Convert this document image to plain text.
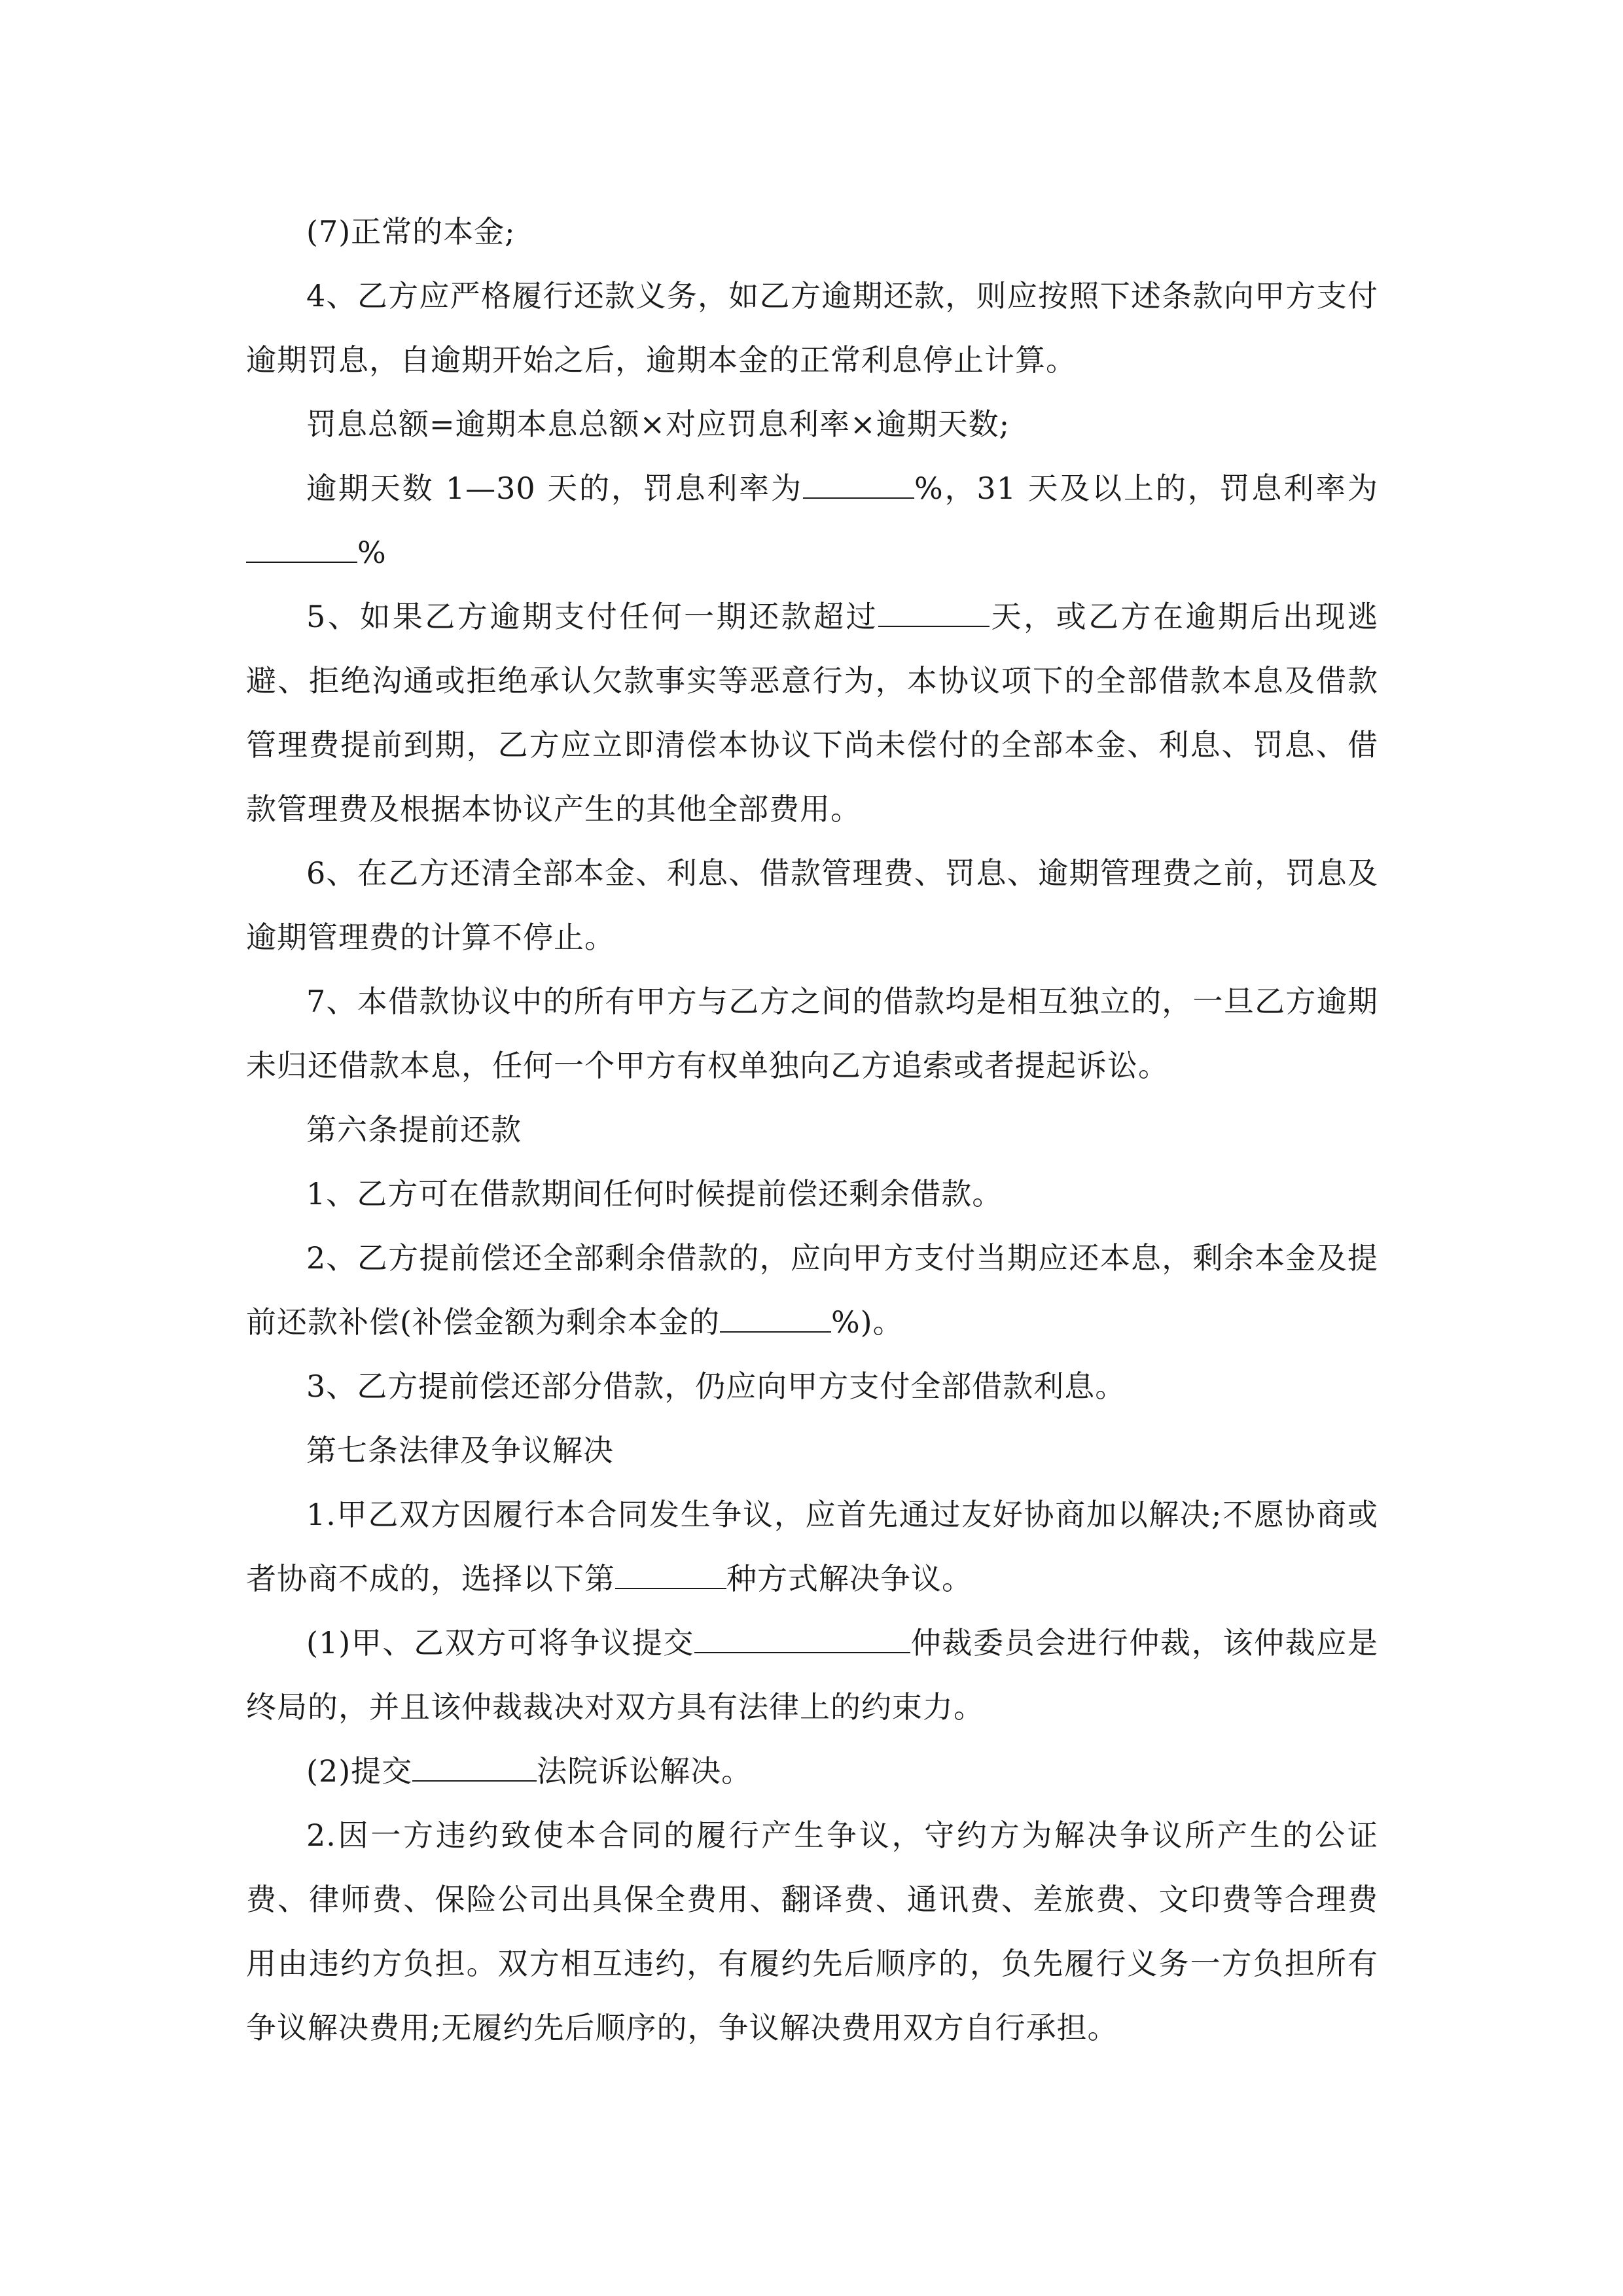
(7)正常的本金;

4、乙方应严格履行还款义务，如乙方逾期还款，则应按照下述条款向甲方支付逾期罚息，自逾期开始之后，逾期本金的正常利息停止计算。

罚息总额=逾期本息总额×对应罚息利率×逾期天数;

逾期天数 1—30 天的，罚息利率为	%，31 天及以上的，罚息利率为%

5、如果乙方逾期支付任何一期还款超过	天，或乙方在逾期后出现逃避、拒绝沟通或拒绝承认欠款事实等恶意行为，本协议项下的全部借款本息及借款管理费提前到期，乙方应立即清偿本协议下尚未偿付的全部本金、利息、罚息、借款管理费及根据本协议产生的其他全部费用。

6、在乙方还清全部本金、利息、借款管理费、罚息、逾期管理费之前，罚息及逾期管理费的计算不停止。

7、本借款协议中的所有甲方与乙方之间的借款均是相互独立的，一旦乙方逾期未归还借款本息，任何一个甲方有权单独向乙方追索或者提起诉讼。

第六条提前还款

1、乙方可在借款期间任何时候提前偿还剩余借款。

2、乙方提前偿还全部剩余借款的，应向甲方支付当期应还本息，剩余本金及提前还款补偿(补偿金额为剩余本金的	%)。

3、乙方提前偿还部分借款，仍应向甲方支付全部借款利息。

第七条法律及争议解决

1.甲乙双方因履行本合同发生争议，应首先通过友好协商加以解决;不愿协商或者协商不成的，选择以下第	种方式解决争议。

(1)甲、乙双方可将争议提交	仲裁委员会进行仲裁，该仲裁应是终局的，并且该仲裁裁决对双方具有法律上的约束力。

(2)提交	法院诉讼解决。

2.因一方违约致使本合同的履行产生争议，守约方为解决争议所产生的公证费、律师费、保险公司出具保全费用、翻译费、通讯费、差旅费、文印费等合理费用由违约方负担。双方相互违约，有履约先后顺序的，负先履行义务一方负担所有争议解决费用;无履约先后顺序的，争议解决费用双方自行承担。
